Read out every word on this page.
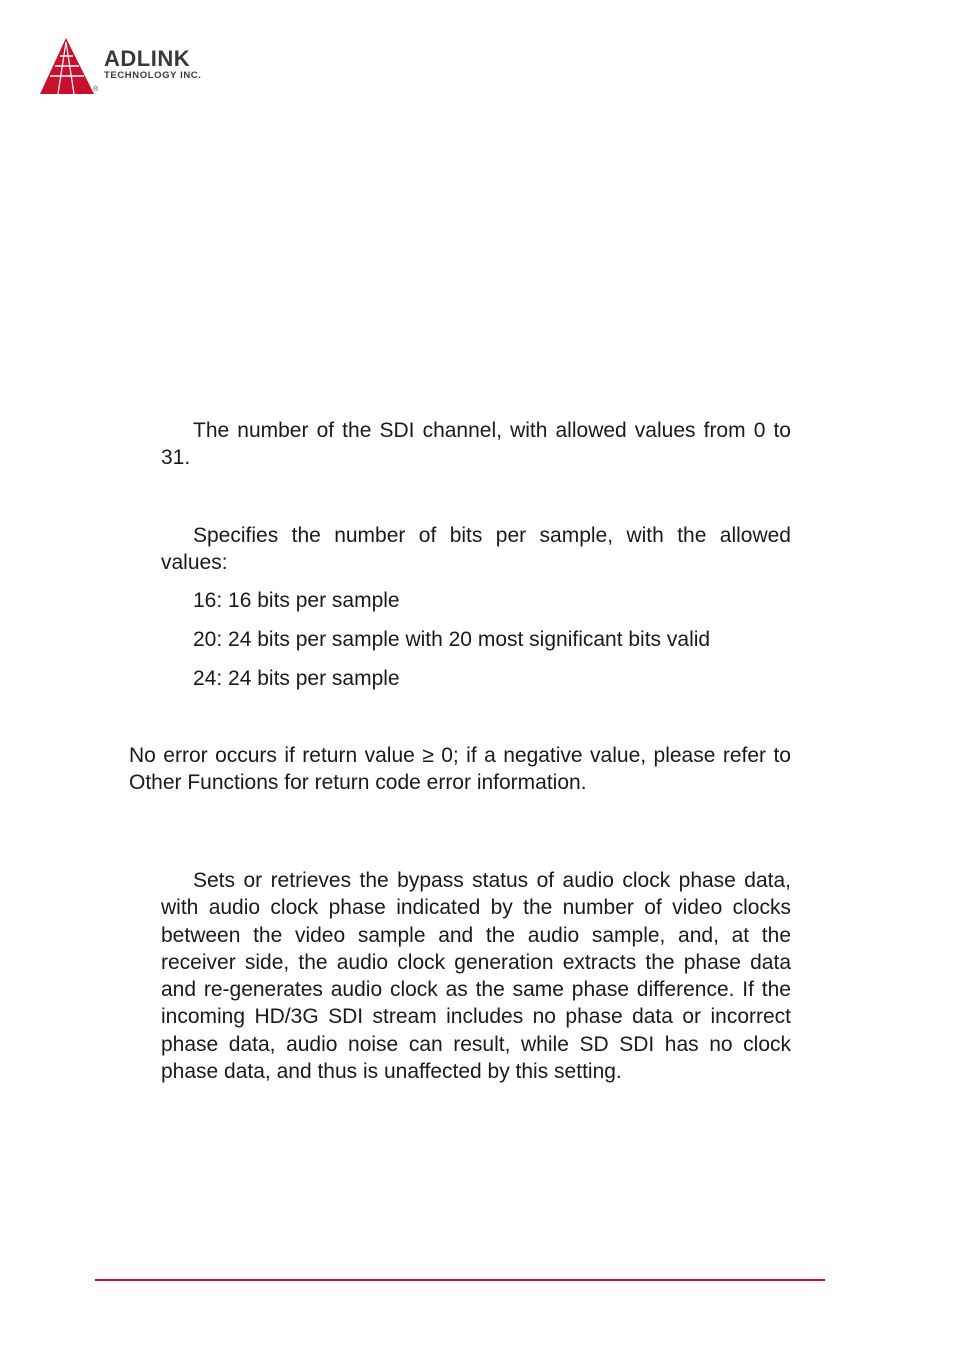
ADLINK
TECHNOLOGY INC.
®

The number of the SDI channel, with allowed values from 0 to 31.

Specifies the number of bits per sample, with the allowed values:

16: 16 bits per sample

20: 24 bits per sample with 20 most significant bits valid

24: 24 bits per sample

No error occurs if return value ≥ 0; if a negative value, please refer to Other Functions for return code error information.

Sets or retrieves the bypass status of audio clock phase data, with audio clock phase indicated by the number of video clocks between the video sample and the audio sample, and, at the receiver side, the audio clock generation extracts the phase data and re-generates audio clock as the same phase difference. If the incoming HD/3G SDI stream includes no phase data or incorrect phase data, audio noise can result, while SD SDI has no clock phase data, and thus is unaffected by this setting.
